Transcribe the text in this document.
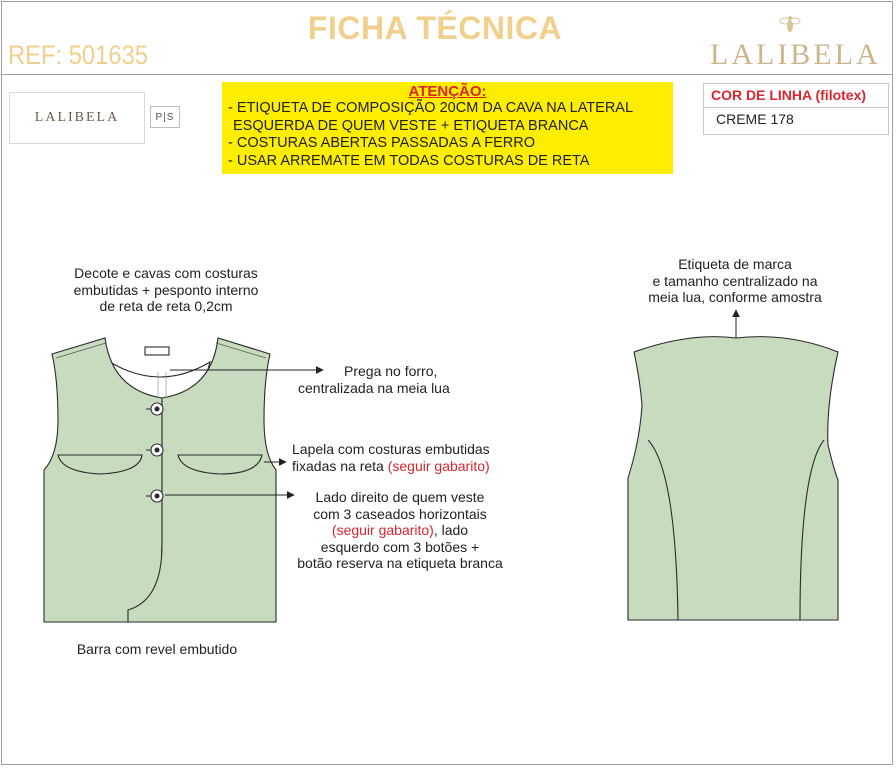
FICHA TÉCNICA
REF: 501635	LALIBELA
LALIBELA	P|S
ATENÇÃO:
- ETIQUETA DE COMPOSIÇÃO 20CM DA CAVA NA LATERAL
ESQUERDA DE QUEM VESTE + ETIQUETA BRANCA
- COSTURAS ABERTAS PASSADAS A FERRO
- USAR ARREMATE EM TODAS COSTURAS DE RETA
COR DE LINHA (filotex)
CREME 178
Decote e cavas com costuras
embutidas + pesponto interno
de reta de reta 0,2cm
Prega no forro,
centralizada na meia lua
Lapela com costuras embutidas
fixadas na reta (seguir gabarito)
Lado direito de quem veste
com 3 caseados horizontais
(seguir gabarito), lado
esquerdo com 3 botões +
botão reserva na etiqueta branca
Barra com revel embutido
Etiqueta de marca
e tamanho centralizado na
meia lua, conforme amostra
